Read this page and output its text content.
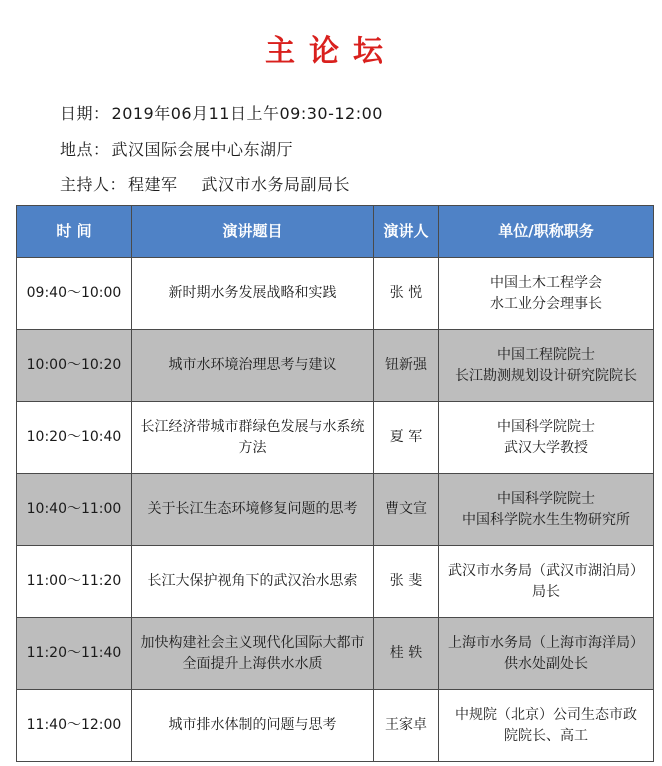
主论坛
日期： 2019年06月11日上午09:30-12:00
地点： 武汉国际会展中心东湖厅
主持人： 程建军 武汉市水务局副局长
时 间	演讲题目	演讲人	单位/职称职务
09:40～10:00	新时期水务发展战略和实践	张 悦	中国土木工程学会
水工业分会理事长

10:00～10:20	城市水环境治理思考与建议	钮新强	中国工程院院士
长江勘测规划设计研究院院长

10:20～10:40	长江经济带城市群绿色发展与水系统方法	夏 军	中国科学院院士
武汉大学教授

10:40～11:00	关于长江生态环境修复问题的思考	曹文宣	中国科学院院士
中国科学院水生生物研究所

11:00～11:20	长江大保护视角下的武汉治水思索	张 斐	武汉市水务局（武汉市湖泊局）
局长

11:20～11:40	加快构建社会主义现代化国际大都市全面提升上海供水水质	桂 轶	上海市水务局（上海市海洋局）
供水处副处长

11:40～12:00	城市排水体制的问题与思考	王家卓	中规院（北京）公司生态市政
院院长、高工
